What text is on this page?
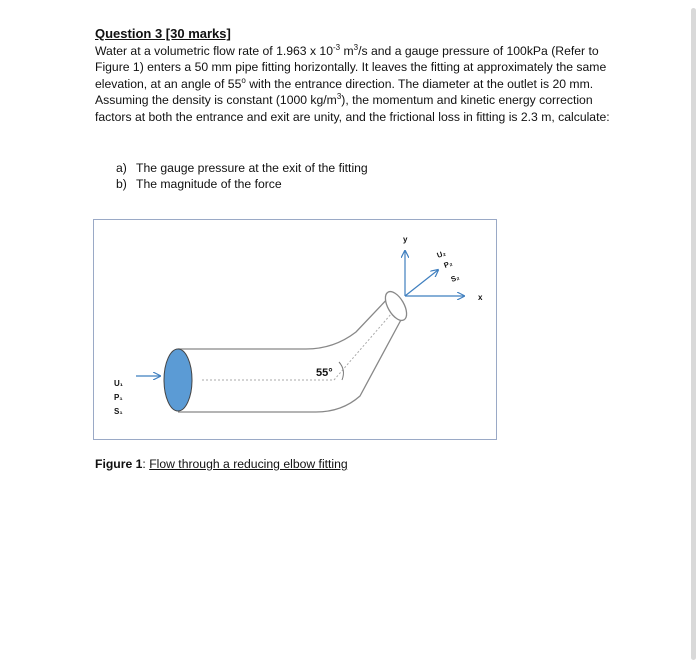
Question 3 [30 marks]
Water at a volumetric flow rate of 1.963 x $10^{-3}$ $m^3/s$ and a gauge pressure of 100kPa (Refer to Figure 1) enters a 50 mm pipe fitting horizontally. It leaves the fitting at approximately the same elevation, at an angle of 55$^o$ with the entrance direction. The diameter at the outlet is 20 mm. Assuming the density is constant (1000 $kg/m^3$), the momentum and kinetic energy correction factors at both the entrance and exit are unity, and the frictional loss in fitting is 2.3 m, calculate:
a) The gauge pressure at the exit of the fitting
b) The magnitude of the force
55°
y
x
U₂
P₂
S₂
U₁
P₁
S₁
Figure 1: Flow through a reducing elbow fitting
